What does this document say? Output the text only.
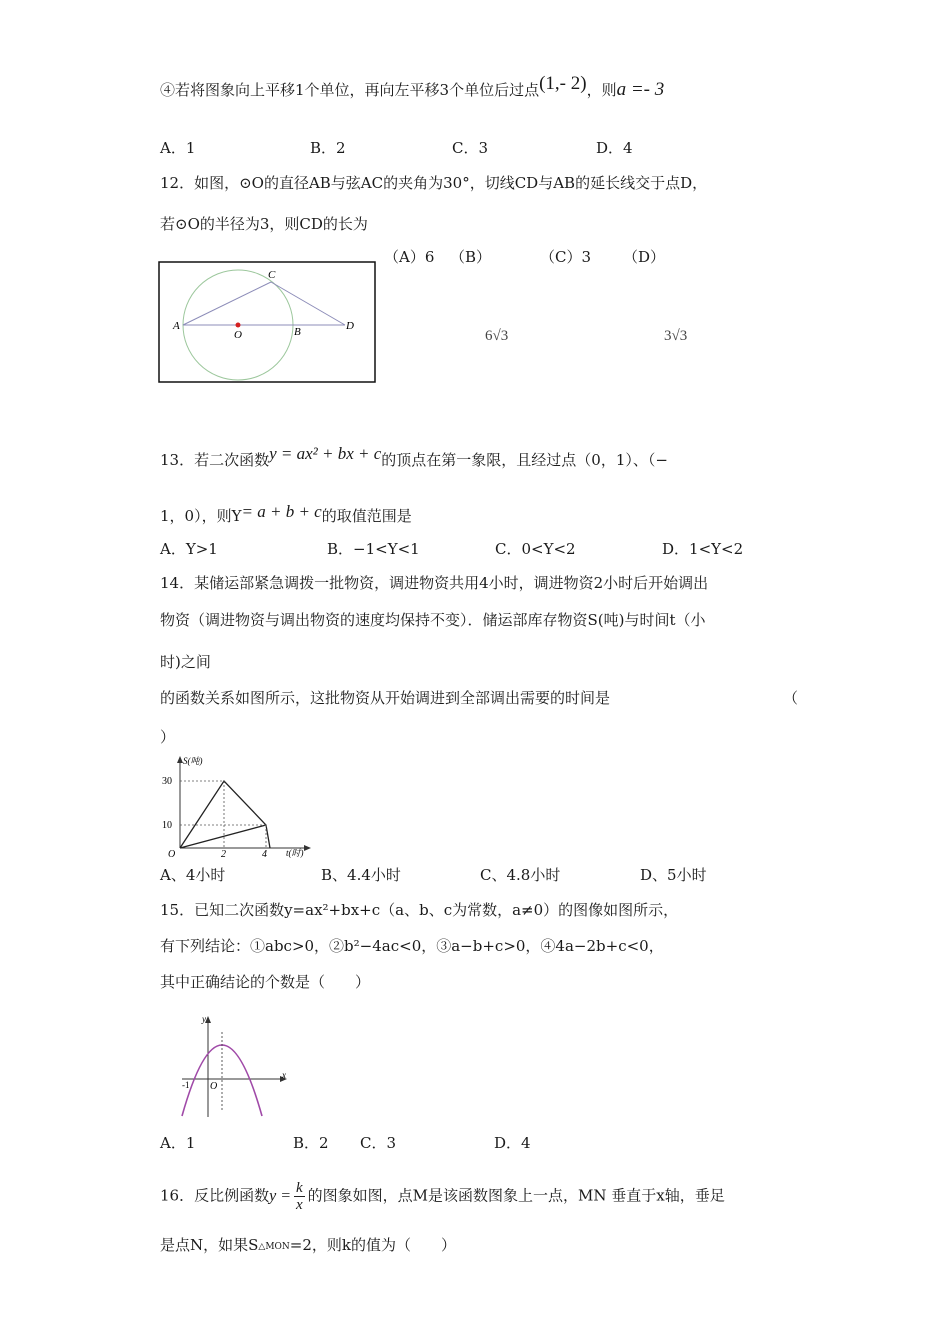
④若将图象向上平移1个单位，再向左平移3个单位后过点(1,- 2)，则a =- 3
A．1	B．2	C．3	D．4
12．如图，⊙O的直径AB与弦AC的夹角为30°，切线CD与AB的延长线交于点D，
若⊙O的半径为3，则CD的长为
A
C
O	B	D
（A）6 （B）	（C）3 （D）
6√3	3√3
13．若二次函数y = ax² + bx + c的顶点在第一象限，且经过点（0，1）、（−
1，0），则Y= a + b + c的取值范围是
A．Y>1	B．−1<Y<1	C．0<Y<2	D．1<Y<2
14．某储运部紧急调拨一批物资，调进物资共用4小时，调进物资2小时后开始调出
物资（调进物资与调出物资的速度均保持不变）．储运部库存物资S(吨)与时间t（小
时)之间
的函数关系如图所示，这批物资从开始调进到全部调出需要的时间是	（
）
S(吨)
30
10
O	2	4 t(时)
A、4小时	B、4.4小时	C、4.8小时	D、5小时
15．已知二次函数y=ax²+bx+c（a、b、c为常数，a≠0）的图像如图所示，
有下列结论：①abc>0，②b²−4ac<0，③a−b+c>0，④4a−2b+c<0，
其中正确结论的个数是（　　）
y
x
-1 O
A．1	B．2 C．3	D．4
16．反比例函数$y = \frac{k}{x}$ 的图象如图，点M是该函数图象上一点，MN 垂直于x轴，垂足
是点N，如果S△MON=2，则k的值为（　　）
